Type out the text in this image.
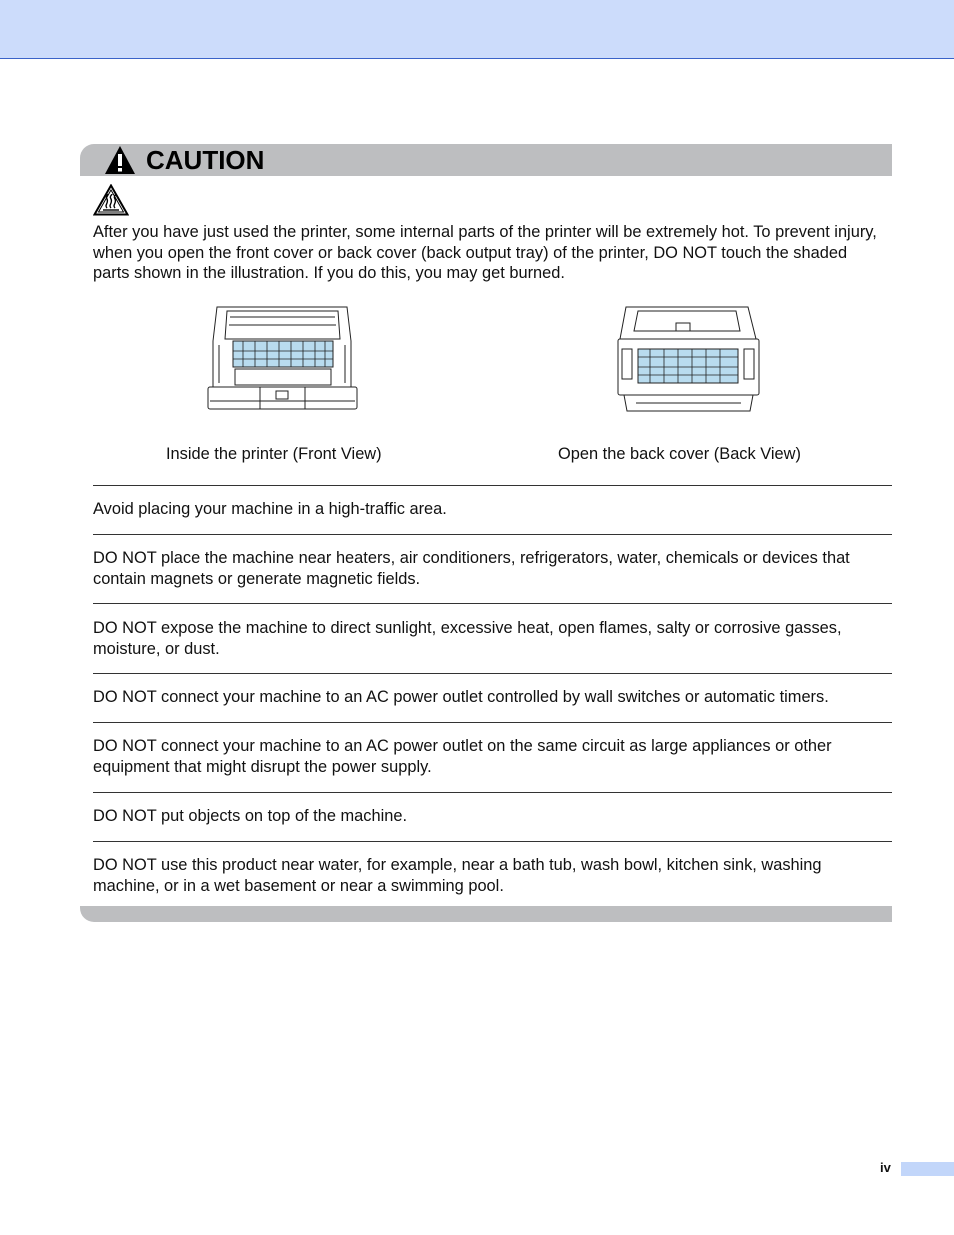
CAUTION

After you have just used the printer, some internal parts of the printer will be extremely hot. To prevent injury, when you open the front cover or back cover (back output tray) of the printer, DO NOT touch the shaded parts shown in the illustration. If you do this, you may get burned.

Inside the printer (Front View)	Open the back cover (Back View)

Avoid placing your machine in a high-traffic area.

DO NOT place the machine near heaters, air conditioners, refrigerators, water, chemicals or devices that contain magnets or generate magnetic fields.

DO NOT expose the machine to direct sunlight, excessive heat, open flames, salty or corrosive gasses, moisture, or dust.

DO NOT connect your machine to an AC power outlet controlled by wall switches or automatic timers.

DO NOT connect your machine to an AC power outlet on the same circuit as large appliances or other equipment that might disrupt the power supply.

DO NOT put objects on top of the machine.

DO NOT use this product near water, for example, near a bath tub, wash bowl, kitchen sink, washing machine, or in a wet basement or near a swimming pool.

iv
